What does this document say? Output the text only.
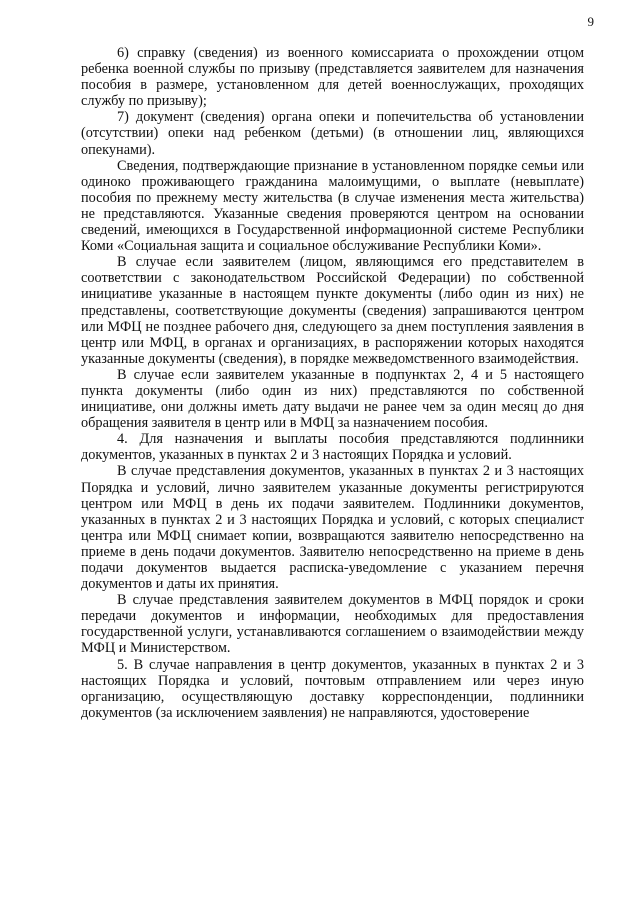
9

6) справку (сведения) из военного комиссариата о прохождении отцом ребенка военной службы по призыву (представляется заявителем для назначения пособия в размере, установленном для детей военнослужащих, проходящих службу по призыву);

7) документ (сведения) органа опеки и попечительства об установлении (отсутствии) опеки над ребенком (детьми) (в отношении лиц, являющихся опекунами).

Сведения, подтверждающие признание в установленном порядке семьи или одиноко проживающего гражданина малоимущими, о выплате (невыплате) пособия по прежнему месту жительства (в случае изменения места жительства) не представляются. Указанные сведения проверяются центром на основании сведений, имеющихся в Государственной информационной системе Республики Коми «Социальная защита и социальное обслуживание Республики Коми».

В случае если заявителем (лицом, являющимся его представителем в соответствии с законодательством Российской Федерации) по собственной инициативе указанные в настоящем пункте документы (либо один из них) не представлены, соответствующие документы (сведения) запрашиваются центром или МФЦ не позднее рабочего дня, следующего за днем поступления заявления в центр или МФЦ, в органах и организациях, в распоряжении которых находятся указанные документы (сведения), в порядке межведомственного взаимодействия.

В случае если заявителем указанные в подпунктах 2, 4 и 5 настоящего пункта документы (либо один из них) представляются по собственной инициативе, они должны иметь дату выдачи не ранее чем за один месяц до дня обращения заявителя в центр или в МФЦ за назначением пособия.

4. Для назначения и выплаты пособия представляются подлинники документов, указанных в пунктах 2 и 3 настоящих Порядка и условий.

В случае представления документов, указанных в пунктах 2 и 3 настоящих Порядка и условий, лично заявителем указанные документы регистрируются центром или МФЦ в день их подачи заявителем. Подлинники документов, указанных в пунктах 2 и 3 настоящих Порядка и условий, с которых специалист центра или МФЦ снимает копии, возвращаются заявителю непосредственно на приеме в день подачи документов. Заявителю непосредственно на приеме в день подачи документов выдается расписка-уведомление с указанием перечня документов и даты их принятия.

В случае представления заявителем документов в МФЦ порядок и сроки передачи документов и информации, необходимых для предоставления государственной услуги, устанавливаются соглашением о взаимодействии между МФЦ и Министерством.

5. В случае направления в центр документов, указанных в пунктах 2 и 3 настоящих Порядка и условий, почтовым отправлением или через иную организацию, осуществляющую доставку корреспонденции, подлинники документов (за исключением заявления) не направляются, удостоверение
